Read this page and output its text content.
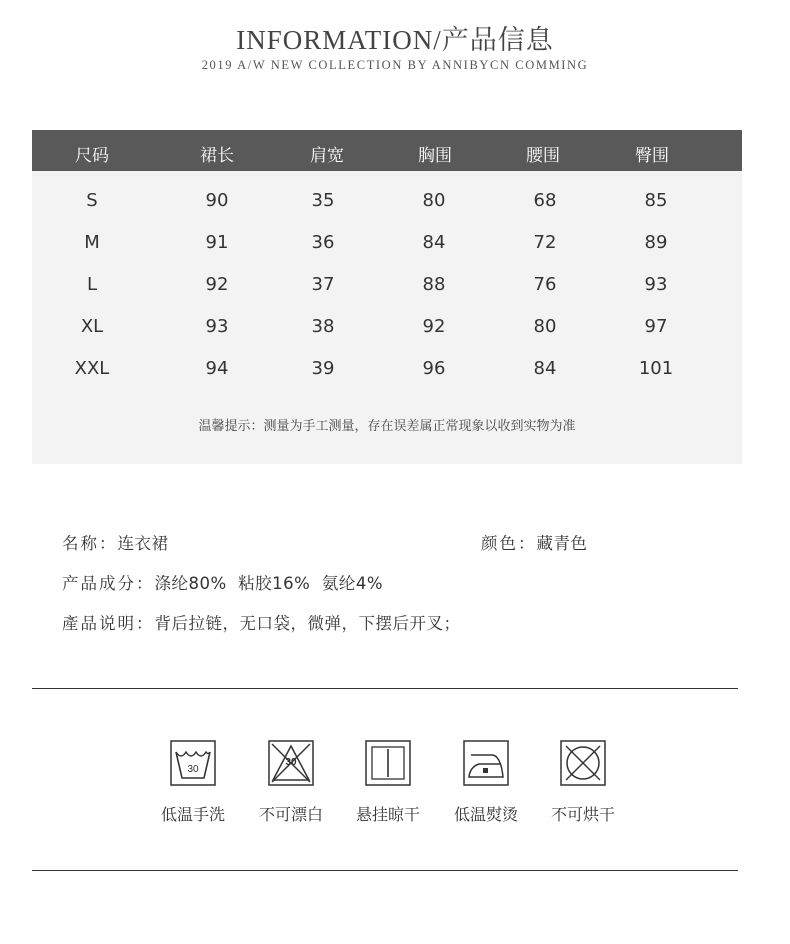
INFORMATION/产品信息
2019 A/W NEW COLLECTION BY ANNIBYCN COMMING
尺码	裙长	肩宽	胸围	腰围	臀围
S	90	35	80	68	85
M	91	36	84	72	89
L	92	37	88	76	93
XL	93	38	92	80	97
XXL	94	39	96	84	101
温馨提示：测量为手工测量，存在误差属正常现象以收到实物为准
名称：连衣裙	颜色：藏青色
产品成分：涤纶80%  粘胶16%  氨纶4%
產品说明：背后拉链，无口袋，微弹，下摆后开叉；
30
低温手洗
30
不可漂白	悬挂晾干	低温熨烫	不可烘干
